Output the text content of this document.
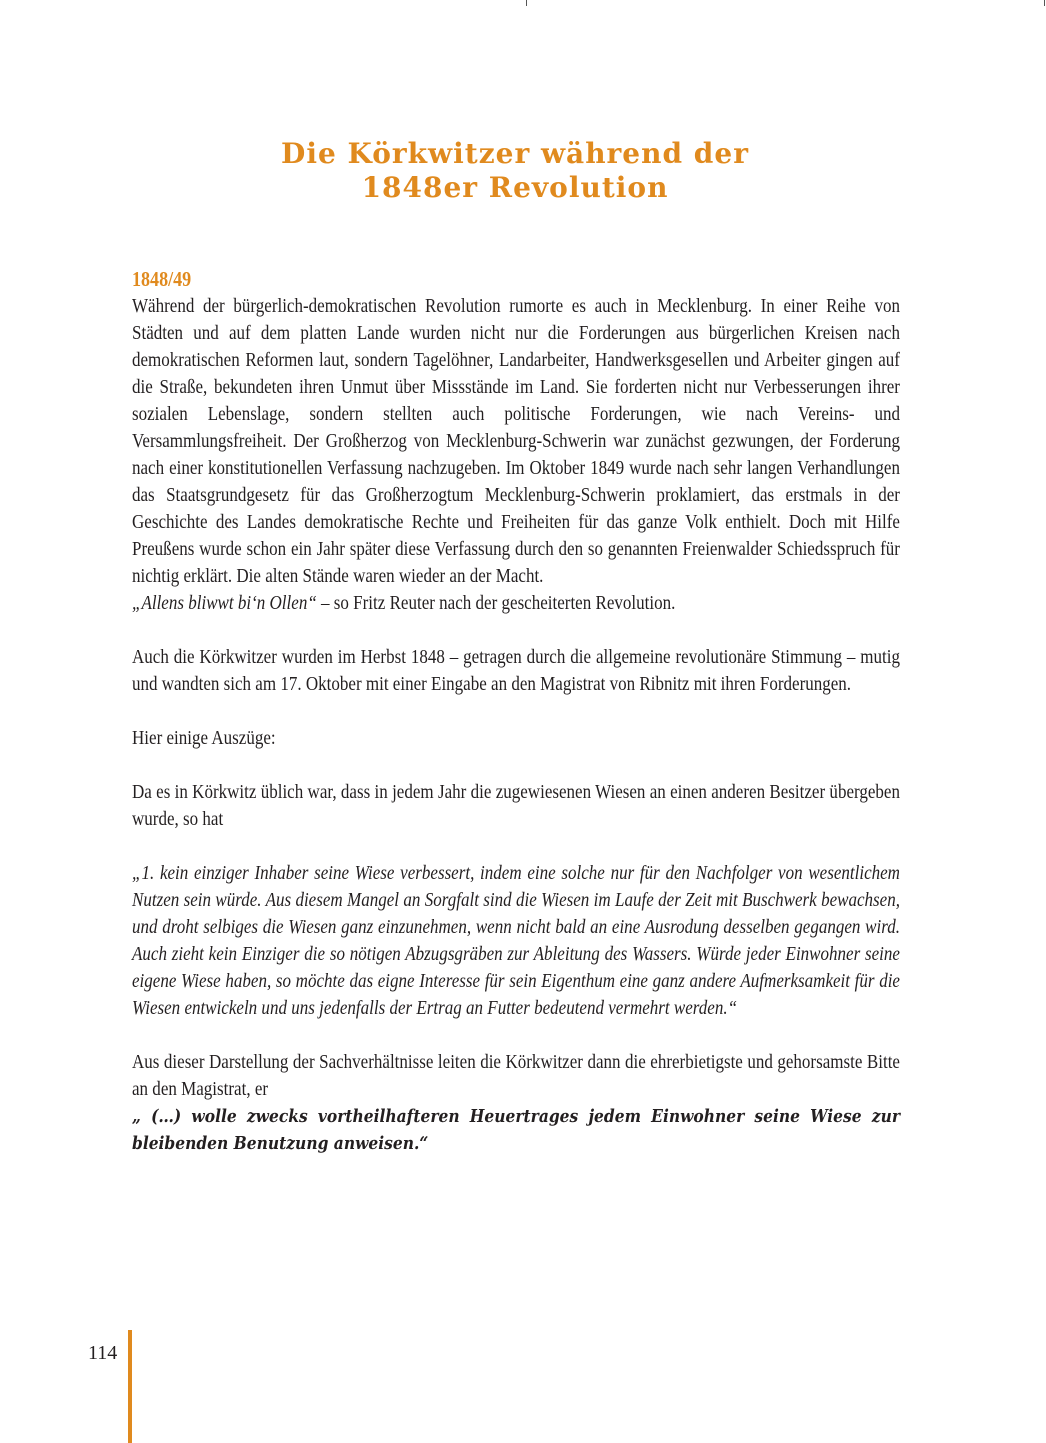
Die Körkwitzer während der
1848er Revolution
1848/49

Während der bürgerlich-demokratischen Revolution rumorte es auch in Mecklenburg. In einer Reihe von Städten und auf dem platten Lande wurden nicht nur die Forderungen aus bürgerlichen Kreisen nach demokratischen Reformen laut, sondern Tagelöhner, Landarbeiter, Handwerksgesellen und Arbeiter gingen auf die Straße, bekundeten ihren Unmut über Missstände im Land. Sie forderten nicht nur Verbesserungen ihrer sozialen Lebenslage, sondern stellten auch politische Forderungen, wie nach Vereins- und Versammlungsfreiheit. Der Großherzog von Mecklenburg-Schwerin war zunächst gezwungen, der Forderung nach einer konstitutionellen Verfassung nachzugeben. Im Oktober 1849 wurde nach sehr langen Verhandlungen das Staatsgrundgesetz für das Großherzogtum Mecklenburg-Schwerin proklamiert, das erstmals in der Geschichte des Landes demokratische Rechte und Freiheiten für das ganze Volk enthielt. Doch mit Hilfe Preußens wurde schon ein Jahr später diese Verfassung durch den so genannten Freienwalder Schiedsspruch für nichtig erklärt. Die alten Stände waren wieder an der Macht.

„Allens bliwwt bi‘n Ollen“ – so Fritz Reuter nach der gescheiterten Revolution.

Auch die Körkwitzer wurden im Herbst 1848 – getragen durch die allgemeine revolutionäre Stimmung – mutig und wandten sich am 17. Oktober mit einer Eingabe an den Magistrat von Ribnitz mit ihren Forderungen.

Hier einige Auszüge:

Da es in Körkwitz üblich war, dass in jedem Jahr die zugewiesenen Wiesen an einen anderen Besitzer übergeben wurde, so hat

„1. kein einziger Inhaber seine Wiese verbessert, indem eine solche nur für den Nachfolger von wesentlichem Nutzen sein würde. Aus diesem Mangel an Sorgfalt sind die Wiesen im Laufe der Zeit mit Buschwerk bewachsen, und droht selbiges die Wiesen ganz einzunehmen, wenn nicht bald an eine Ausrodung desselben gegangen wird. Auch zieht kein Einziger die so nötigen Abzugsgräben zur Ableitung des Wassers. Würde jeder Einwohner seine eigene Wiese haben, so möchte das eigne Interesse für sein Eigenthum eine ganz andere Aufmerksamkeit für die Wiesen entwickeln und uns jedenfalls der Ertrag an Futter bedeutend vermehrt werden.“

Aus dieser Darstellung der Sachverhältnisse leiten die Körkwitzer dann die ehrerbietigste und gehorsamste Bitte an den Magistrat, er

„ (…) wolle zwecks vortheilhafteren Heuertrages jedem Einwohner seine Wiese zur bleibenden Benutzung anweisen.“

114
